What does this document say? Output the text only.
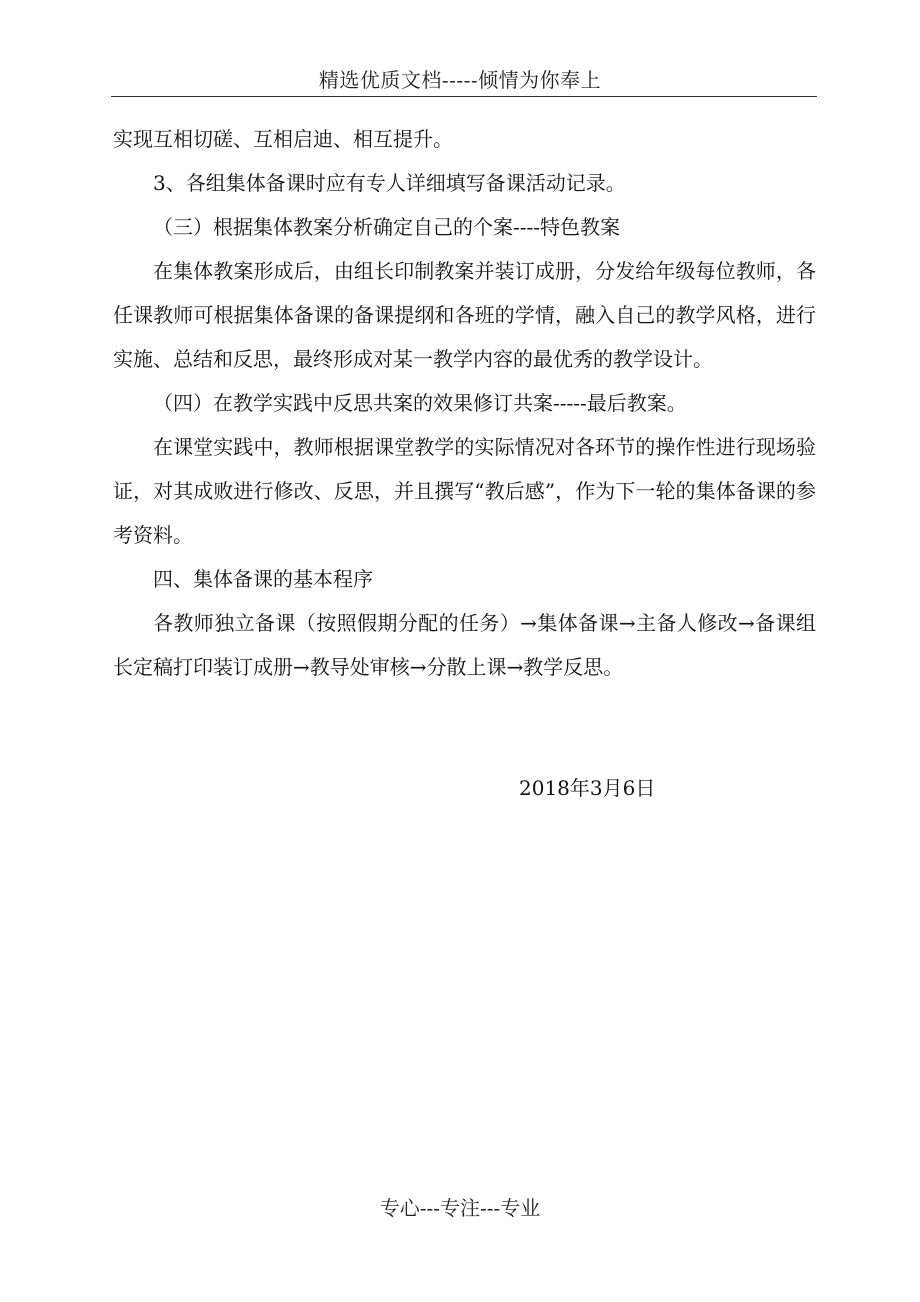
精选优质文档-----倾情为你奉上

实现互相切磋、互相启迪、相互提升。

3、各组集体备课时应有专人详细填写备课活动记录。

（三）根据集体教案分析确定自己的个案----特色教案

在集体教案形成后，由组长印制教案并装订成册，分发给年级每位教师，各任课教师可根据集体备课的备课提纲和各班的学情，融入自己的教学风格，进行实施、总结和反思，最终形成对某一教学内容的最优秀的教学设计。

（四）在教学实践中反思共案的效果修订共案-----最后教案。

在课堂实践中，教师根据课堂教学的实际情况对各环节的操作性进行现场验证，对其成败进行修改、反思，并且撰写“教后感”，作为下一轮的集体备课的参考资料。

四、集体备课的基本程序

各教师独立备课（按照假期分配的任务）→集体备课→主备人修改→备课组长定稿打印装订成册→教导处审核→分散上课→教学反思。

2018年3月6日
专心---专注---专业
